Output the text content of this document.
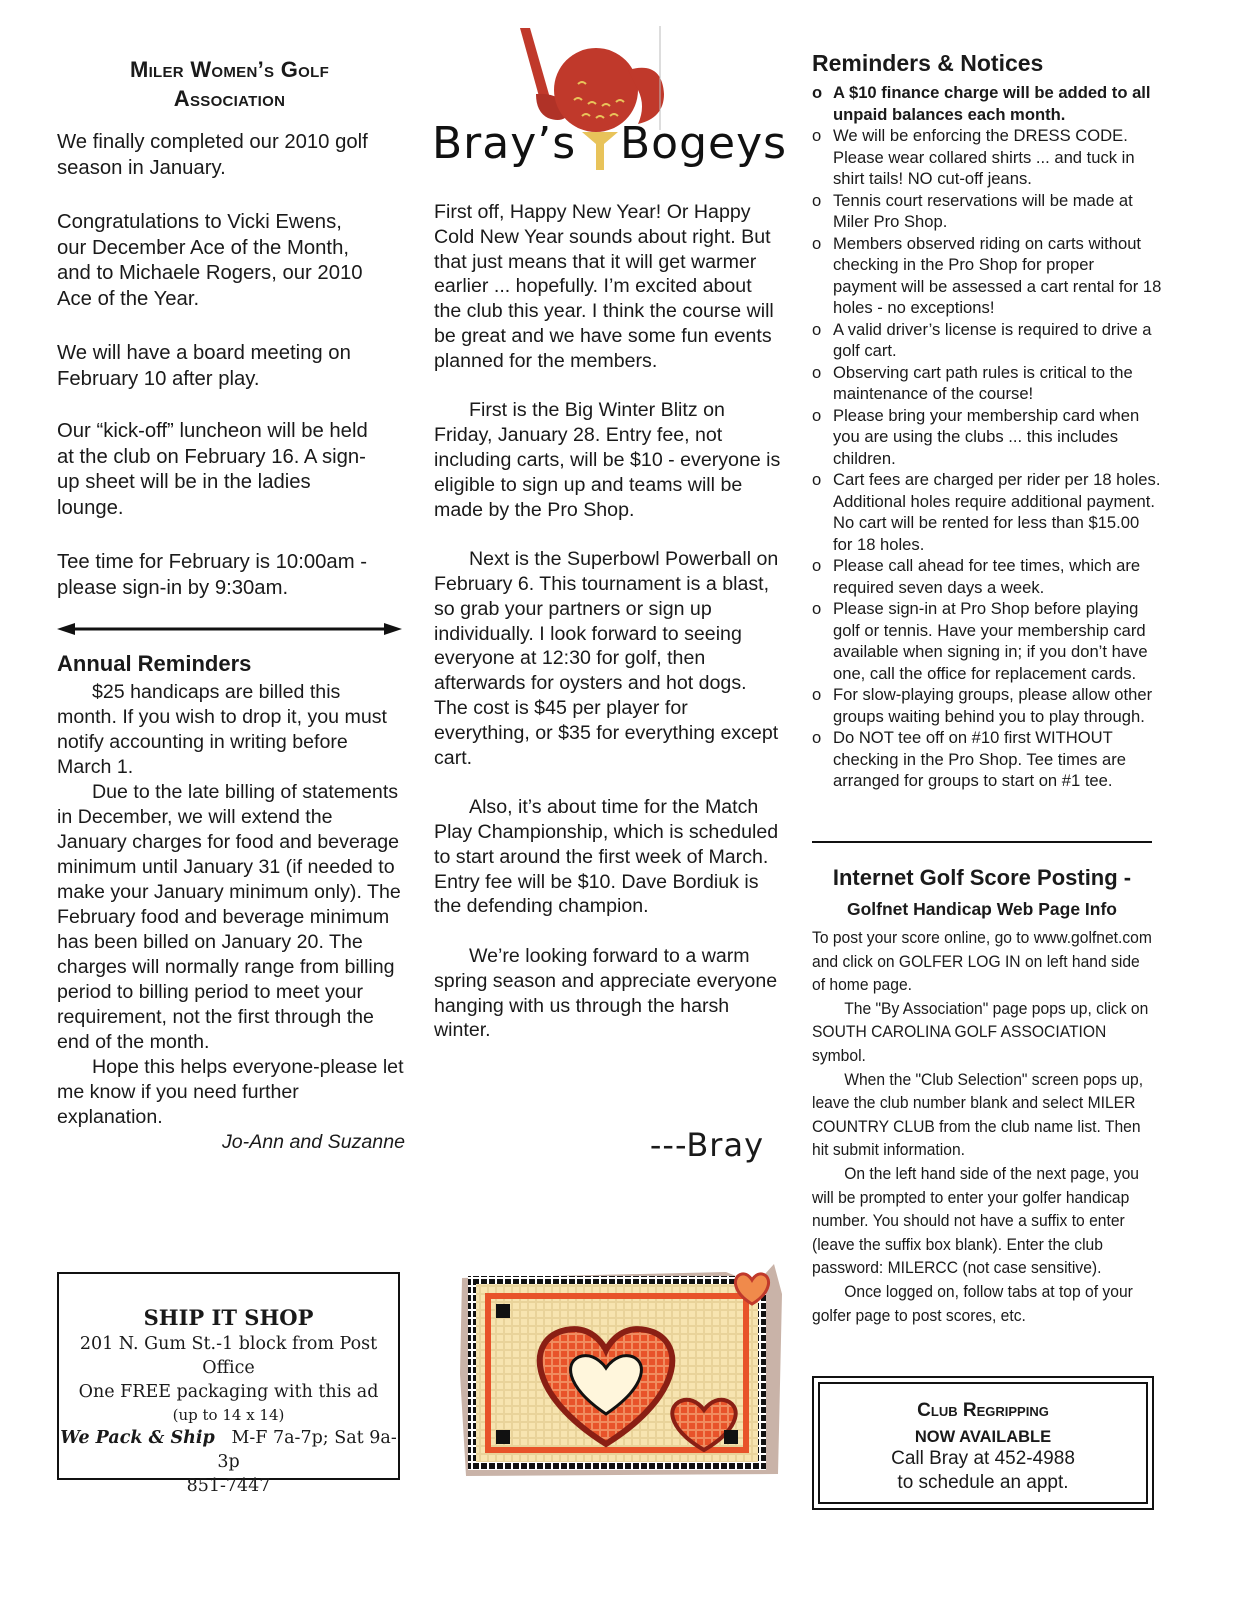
Miler Women’s Golf
Association
We finally completed our 2010 golf
season in January.
Congratulations to Vicki Ewens,
our December Ace of the Month,
and to Michaele Rogers, our 2010
Ace of the Year.
We will have a board meeting on
February 10 after play.
Our “kick-off” luncheon will be held
at the club on February 16. A sign-
up sheet will be in the ladies
lounge.
Tee time for February is 10:00am -
please sign-in by 9:30am.
Annual Reminders

$25 handicaps are billed this month. If you wish to drop it, you must notify accounting in writing before March 1.

Due to the late billing of statements in December, we will extend the January charges for food and beverage minimum until January 31 (if needed to make your January minimum only). The February food and beverage minimum has been billed on January 20. The charges will normally range from billing period to billing period to meet your requirement, not the first through the end of the month.

Hope this helps everyone-please let me know if you need further explanation.

Jo-Ann and Suzanne

SHIP IT SHOP
201 N. Gum St.-1 block from Post Office
One FREE packaging with this ad
(up to 14 x 14)
We Pack & Ship M-F 7a-7p; Sat 9a-3p
851-7447
Bray’s Bogeys

First off, Happy New Year! Or Happy Cold New Year sounds about right. But that just means that it will get warmer earlier ... hopefully. I’m excited about the club this year. I think the course will be great and we have some fun events planned for the members.

First is the Big Winter Blitz on Friday, January 28. Entry fee, not including carts, will be $10 - everyone is eligible to sign up and teams will be made by the Pro Shop.

Next is the Superbowl Powerball on February 6. This tournament is a blast, so grab your partners or sign up individually. I look forward to seeing everyone at 12:30 for golf, then afterwards for oysters and hot dogs. The cost is $45 per player for everything, or $35 for everything except cart.

Also, it’s about time for the Match Play Championship, which is scheduled to start around the first week of March. Entry fee will be $10. Dave Bordiuk is the defending champion.

We’re looking forward to a warm spring season and appreciate everyone hanging with us through the harsh winter.

---Bray
Reminders & Notices
o A $10 finance charge will be added to all unpaid balances each month.
o We will be enforcing the DRESS CODE. Please wear collared shirts ... and tuck in shirt tails! NO cut-off jeans.
o Tennis court reservations will be made at Miler Pro Shop.
o Members observed riding on carts without checking in the Pro Shop for proper payment will be assessed a cart rental for 18 holes - no exceptions!
o A valid driver’s license is required to drive a golf cart.
o Observing cart path rules is critical to the maintenance of the course!
o Please bring your membership card when you are using the clubs ... this includes children.
o Cart fees are charged per rider per 18 holes. Additional holes require additional payment. No cart will be rented for less than $15.00 for 18 holes.
o Please call ahead for tee times, which are required seven days a week.
o Please sign-in at Pro Shop before playing golf or tennis. Have your membership card available when signing in; if you don’t have one, call the office for replacement cards.
o For slow-playing groups, please allow other groups waiting behind you to play through.
o Do NOT tee off on #10 first WITHOUT checking in the Pro Shop. Tee times are arranged for groups to start on #1 tee.
Internet Golf Score Posting -
Golfnet Handicap Web Page Info

To post your score online, go to www.golfnet.com and click on GOLFER LOG IN on left hand side of home page.

The "By Association" page pops up, click on SOUTH CAROLINA GOLF ASSOCIATION symbol.

When the "Club Selection" screen pops up, leave the club number blank and select MILER COUNTRY CLUB from the club name list. Then hit submit information.

On the left hand side of the next page, you will be prompted to enter your golfer handicap number. You should not have a suffix to enter (leave the suffix box blank). Enter the club password: MILERCC (not case sensitive).

Once logged on, follow tabs at top of your golfer page to post scores, etc.

Club Regripping
NOW AVAILABLE
Call Bray at 452-4988
to schedule an appt.
